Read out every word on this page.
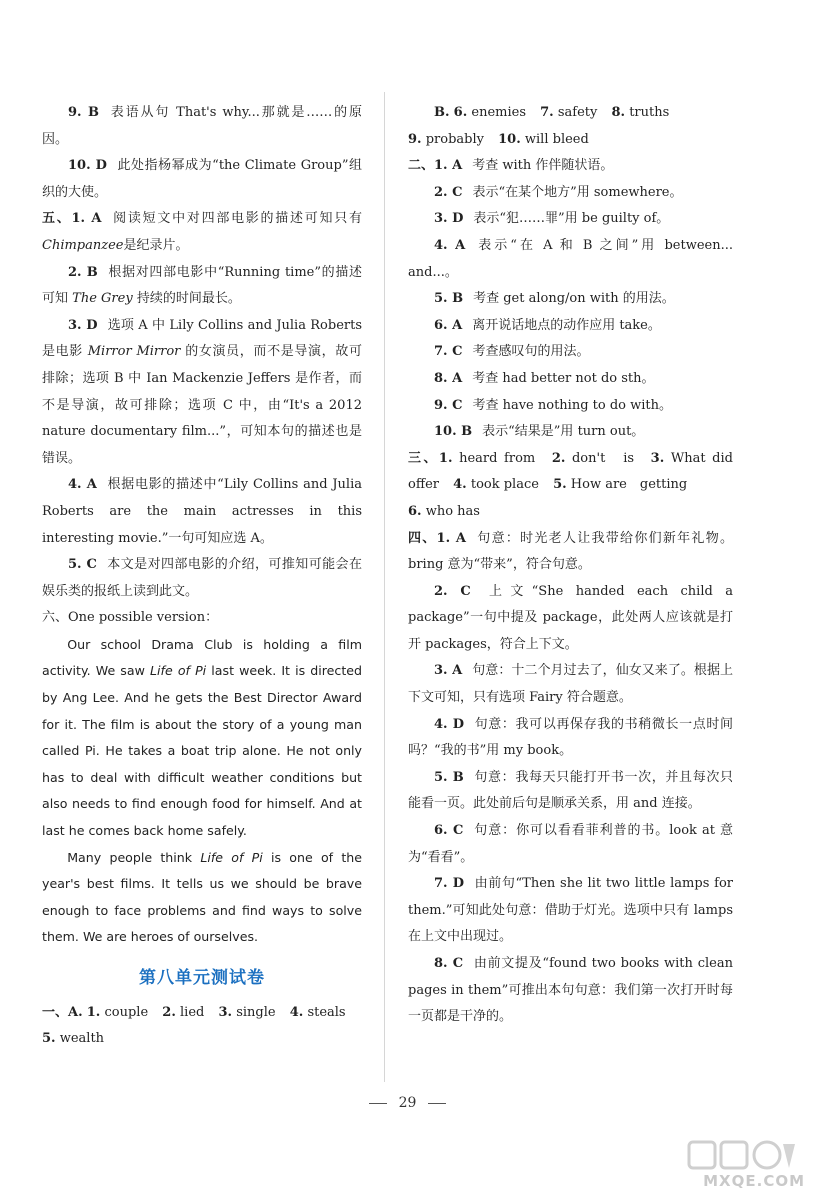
9. B 表语从句 That's why...那就是……的原因。

10. D 此处指杨幂成为“the Climate Group”组织的大使。

五、1. A 阅读短文中对四部电影的描述可知只有Chimpanzee是纪录片。

2. B 根据对四部电影中“Running time”的描述可知 The Grey 持续的时间最长。

3. D 选项 A 中 Lily Collins and Julia Roberts 是电影 Mirror Mirror 的女演员，而不是导演，故可排除；选项 B 中 Ian Mackenzie Jeffers 是作者，而不是导演，故可排除；选项 C 中，由“It's a 2012 nature documentary film...”，可知本句的描述也是错误。

4. A 根据电影的描述中“Lily Collins and Julia Roberts are the main actresses in this interesting movie.”一句可知应选 A。

5. C 本文是对四部电影的介绍，可推知可能会在娱乐类的报纸上读到此文。

六、One possible version：

Our school Drama Club is holding a film activity. We saw Life of Pi last week. It is directed by Ang Lee. And he gets the Best Director Award for it. The film is about the story of a young man called Pi. He takes a boat trip alone. He not only has to deal with difficult weather conditions but also needs to find enough food for himself. And at last he comes back home safely.

Many people think Life of Pi is one of the year's best films. It tells us we should be brave enough to face problems and find ways to solve them. We are heroes of ourselves.

第八单元测试卷

一、A. 1. couple 2. lied 3. single 4. steals
5. wealth

B. 6. enemies 7. safety 8. truths
9. probably 10. will bleed

二、1. A 考查 with 作伴随状语。

2. C 表示“在某个地方”用 somewhere。

3. D 表示“犯……罪”用 be guilty of。

4. A 表示“在 A 和 B 之间”用 between... and...。

5. B 考查 get along/on with 的用法。

6. A 离开说话地点的动作应用 take。

7. C 考查感叹句的用法。

8. A 考查 had better not do sth。

9. C 考查 have nothing to do with。

10. B 表示“结果是”用 turn out。

三、1. heard from 2. don't　is 3. What did　offer 4. took place 5. How are　getting
6. who has

四、1. A 句意：时光老人让我带给你们新年礼物。bring 意为“带来”，符合句意。

2. C 上文“She handed each child a package”一句中提及 package，此处两人应该就是打开 packages，符合上下文。

3. A 句意：十二个月过去了，仙女又来了。根据上下文可知，只有选项 Fairy 符合题意。

4. D 句意：我可以再保存我的书稍微长一点时间吗？“我的书”用 my book。

5. B 句意：我每天只能打开书一次，并且每次只能看一页。此处前后句是顺承关系，用 and 连接。

6. C 句意：你可以看看菲利普的书。look at 意为“看看”。

7. D 由前句“Then she lit two little lamps for them.”可知此处句意：借助于灯光。选项中只有 lamps 在上文中出现过。

8. C 由前文提及“found two books with clean pages in them”可推出本句句意：我们第一次打开时每一页都是干净的。

29
MXQE.COM
